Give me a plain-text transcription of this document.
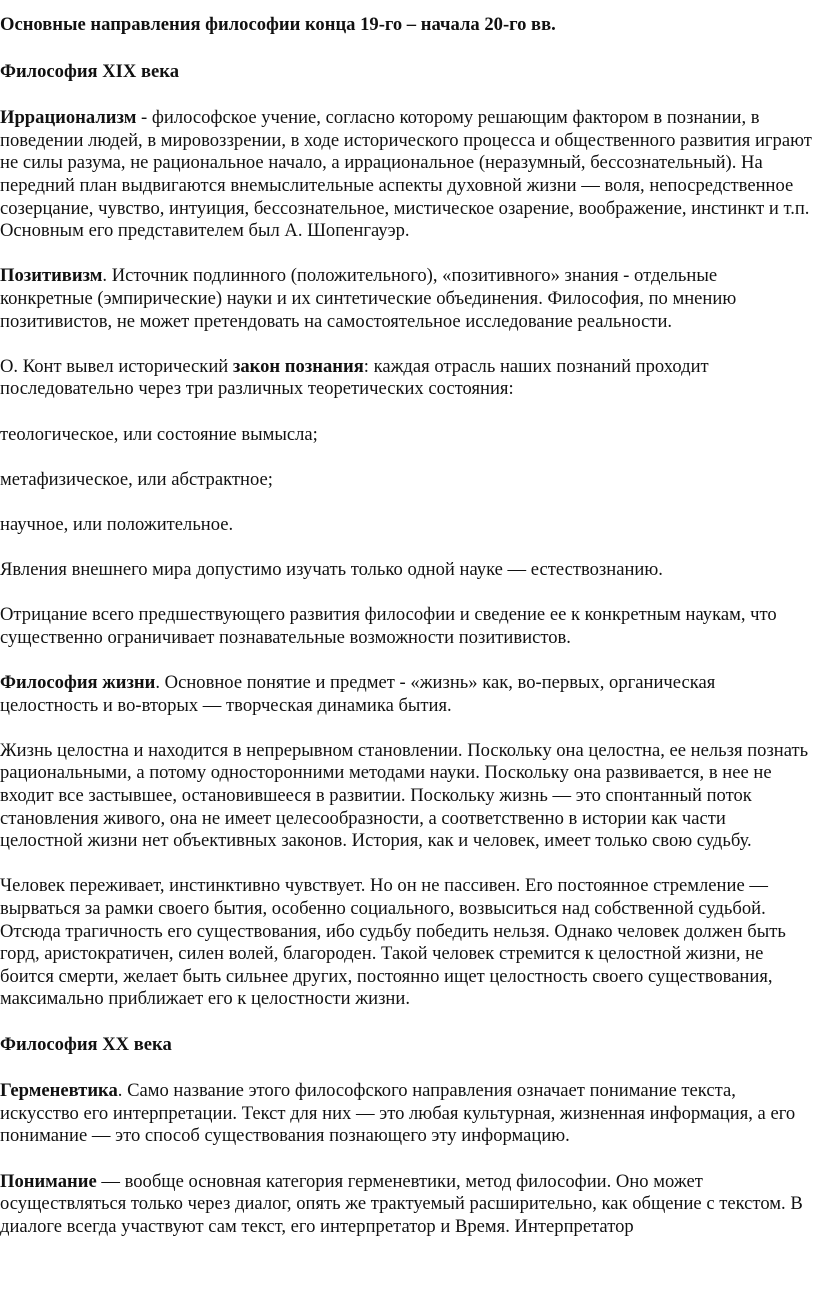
Основные направления философии конца 19-го – начала 20-го вв.

Философия XIX века

Иррационализм - философское учение, согласно которому решающим фактором в познании, в поведении людей, в мировоззрении, в ходе исторического процесса и общественного развития играют не силы разума, не рациональное начало, а иррациональное (неразумный, бессознательный). На передний план выдвигаются внемыслительные аспекты духовной жизни — воля, непосредственное созерцание, чувство, интуиция, бессознательное, мистическое озарение, воображение, инстинкт и т.п. Основным его представителем был А. Шопенгауэр.

Позитивизм. Источник подлинного (положительного), «позитивного» знания - отдельные конкретные (эмпирические) науки и их синтетические объединения. Философия, по мнению позитивистов, не может претендовать на самостоятельное исследование реальности.

О. Конт вывел исторический закон познания: каждая отрасль наших познаний проходит последовательно через три различных теоретических состояния:

теологическое, или состояние вымысла;

метафизическое, или абстрактное;

научное, или положительное.

Явления внешнего мира допустимо изучать только одной науке — естествознанию.

Отрицание всего предшествующего развития философии и сведение ее к конкретным наукам, что существенно ограничивает познавательные возможности позитивистов.

Философия жизни. Основное понятие и предмет - «жизнь» как, во-первых, органическая целостность и во-вторых — творческая динамика бытия.

Жизнь целостна и находится в непрерывном становлении. Поскольку она целостна, ее нельзя познать рациональными, а потому односторонними методами науки. Поскольку она развивается, в нее не входит все застывшее, остановившееся в развитии. Поскольку жизнь — это спонтанный поток становления живого, она не имеет целесообразности, а соответственно в истории как части целостной жизни нет объективных законов. История, как и человек, имеет только свою судьбу.

Человек переживает, инстинктивно чувствует. Но он не пассивен. Его постоянное стремление — вырваться за рамки своего бытия, особенно социального, возвыситься над собственной судьбой. Отсюда трагичность его существования, ибо судьбу победить нельзя. Однако человек должен быть горд, аристократичен, силен волей, благороден. Такой человек стремится к целостной жизни, не боится смерти, желает быть сильнее других, постоянно ищет целостность своего существования, максимально приближает его к целостности жизни.

Философия XX века

Герменевтика. Само название этого философского направления означает понимание текста, искусство его интерпретации. Текст для них — это любая культурная, жизненная информация, а его понимание — это способ существования познающего эту информацию.

Понимание — вообще основная категория герменевтики, метод философии. Оно может осуществляться только через диалог, опять же трактуемый расширительно, как общение с текстом. В диалоге всегда участвуют сам текст, его интерпретатор и Время. Интерпретатор
